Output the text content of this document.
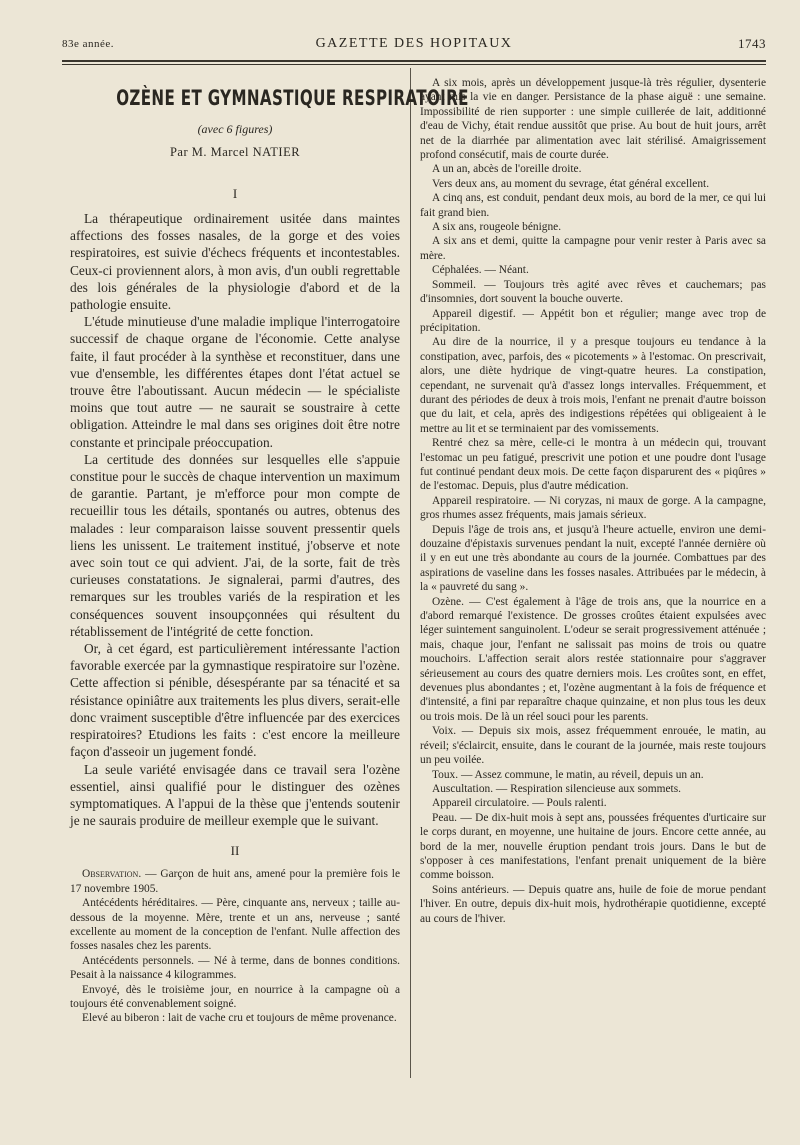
83e année.	GAZETTE DES HOPITAUX	1743
OZÈNE ET GYMNASTIQUE RESPIRATOIRE
(avec 6 figures)
Par M. Marcel NATIER
I

La thérapeutique ordinairement usitée dans maintes affections des fosses nasales, de la gorge et des voies respiratoires, est suivie d'échecs fréquents et incontestables. Ceux-ci proviennent alors, à mon avis, d'un oubli regrettable des lois générales de la physiologie d'abord et de la pathologie ensuite.

L'étude minutieuse d'une maladie implique l'interrogatoire successif de chaque organe de l'économie. Cette analyse faite, il faut procéder à la synthèse et reconstituer, dans une vue d'ensemble, les différentes étapes dont l'état actuel se trouve être l'aboutissant. Aucun médecin — le spécialiste moins que tout autre — ne saurait se soustraire à cette obligation. Atteindre le mal dans ses origines doit être notre constante et principale préoccupation.

La certitude des données sur lesquelles elle s'appuie constitue pour le succès de chaque intervention un maximum de garantie. Partant, je m'efforce pour mon compte de recueillir tous les détails, spontanés ou autres, obtenus des malades : leur comparaison laisse souvent pressentir quels liens les unissent. Le traitement institué, j'observe et note avec soin tout ce qui advient. J'ai, de la sorte, fait de très curieuses constatations. Je signalerai, parmi d'autres, des remarques sur les troubles variés de la respiration et les conséquences souvent insoupçonnées qui résultent du rétablissement de l'intégrité de cette fonction.

Or, à cet égard, est particulièrement intéressante l'action favorable exercée par la gymnastique respiratoire sur l'ozène. Cette affection si pénible, désespérante par sa ténacité et sa résistance opiniâtre aux traitements les plus divers, serait-elle donc vraiment susceptible d'être influencée par des exercices respiratoires? Etudions les faits : c'est encore la meilleure façon d'asseoir un jugement fondé.

La seule variété envisagée dans ce travail sera l'ozène essentiel, ainsi qualifié pour le distinguer des ozènes symptomatiques. A l'appui de la thèse que j'entends soutenir je ne saurais produire de meilleur exemple que le suivant.

II

Observation. — Garçon de huit ans, amené pour la première fois le 17 novembre 1905.

Antécédents héréditaires. — Père, cinquante ans, nerveux ; taille au-dessous de la moyenne. Mère, trente et un ans, nerveuse ; santé excellente au moment de la conception de l'enfant. Nulle affection des fosses nasales chez les parents.

Antécédents personnels. — Né à terme, dans de bonnes conditions. Pesait à la naissance 4 kilogrammes.

Envoyé, dès le troisième jour, en nourrice à la campagne où a toujours été convenablement soigné.

Elevé au biberon : lait de vache cru et toujours de même provenance.

A six mois, après un développement jusque-là très régulier, dysenterie ayant mis la vie en danger. Persistance de la phase aiguë : une semaine. Impossibilité de rien supporter : une simple cuillerée de lait, additionné d'eau de Vichy, était rendue aussitôt que prise. Au bout de huit jours, arrêt net de la diarrhée par alimentation avec lait stérilisé. Amaigrissement profond consécutif, mais de courte durée.

A un an, abcès de l'oreille droite.

Vers deux ans, au moment du sevrage, état général excellent.

A cinq ans, est conduit, pendant deux mois, au bord de la mer, ce qui lui fait grand bien.

A six ans, rougeole bénigne.

A six ans et demi, quitte la campagne pour venir rester à Paris avec sa mère.

Céphalées. — Néant.

Sommeil. — Toujours très agité avec rêves et cauchemars; pas d'insomnies, dort souvent la bouche ouverte.

Appareil digestif. — Appétit bon et régulier; mange avec trop de précipitation.

Au dire de la nourrice, il y a presque toujours eu tendance à la constipation, avec, parfois, des « picotements » à l'estomac. On prescrivait, alors, une diète hydrique de vingt-quatre heures. La constipation, cependant, ne survenait qu'à d'assez longs intervalles. Fréquemment, et durant des périodes de deux à trois mois, l'enfant ne prenait d'autre boisson que du lait, et cela, après des indigestions répétées qui obligeaient à le mettre au lit et se terminaient par des vomissements.

Rentré chez sa mère, celle-ci le montra à un médecin qui, trouvant l'estomac un peu fatigué, prescrivit une potion et une poudre dont l'usage fut continué pendant deux mois. De cette façon disparurent des « piqûres » de l'estomac. Depuis, plus d'autre médication.

Appareil respiratoire. — Ni coryzas, ni maux de gorge. A la campagne, gros rhumes assez fréquents, mais jamais sérieux.

Depuis l'âge de trois ans, et jusqu'à l'heure actuelle, environ une demi-douzaine d'épistaxis survenues pendant la nuit, excepté l'année dernière où il y en eut une très abondante au cours de la journée. Combattues par des aspirations de vaseline dans les fosses nasales. Attribuées par le médecin, à la « pauvreté du sang ».

Ozène. — C'est également à l'âge de trois ans, que la nourrice en a d'abord remarqué l'existence. De grosses croûtes étaient expulsées avec léger suintement sanguinolent. L'odeur se serait progressivement atténuée ; mais, chaque jour, l'enfant ne salissait pas moins de trois ou quatre mouchoirs. L'affection serait alors restée stationnaire pour s'aggraver sérieusement au cours des quatre derniers mois. Les croûtes sont, en effet, devenues plus abondantes ; et, l'ozène augmentant à la fois de fréquence et d'intensité, a fini par reparaître chaque quinzaine, et non plus tous les deux ou trois mois. De là un réel souci pour les parents.

Voix. — Depuis six mois, assez fréquemment enrouée, le matin, au réveil; s'éclaircit, ensuite, dans le courant de la journée, mais reste toujours un peu voilée.

Toux. — Assez commune, le matin, au réveil, depuis un an.

Auscultation. — Respiration silencieuse aux sommets.

Appareil circulatoire. — Pouls ralenti.

Peau. — De dix-huit mois à sept ans, poussées fréquentes d'urticaire sur le corps durant, en moyenne, une huitaine de jours. Encore cette année, au bord de la mer, nouvelle éruption pendant trois jours. Dans le but de s'opposer à ces manifestations, l'enfant prenait uniquement de la bière comme boisson.

Soins antérieurs. — Depuis quatre ans, huile de foie de morue pendant l'hiver. En outre, depuis dix-huit mois, hydrothérapie quotidienne, excepté au cours de l'hiver.
